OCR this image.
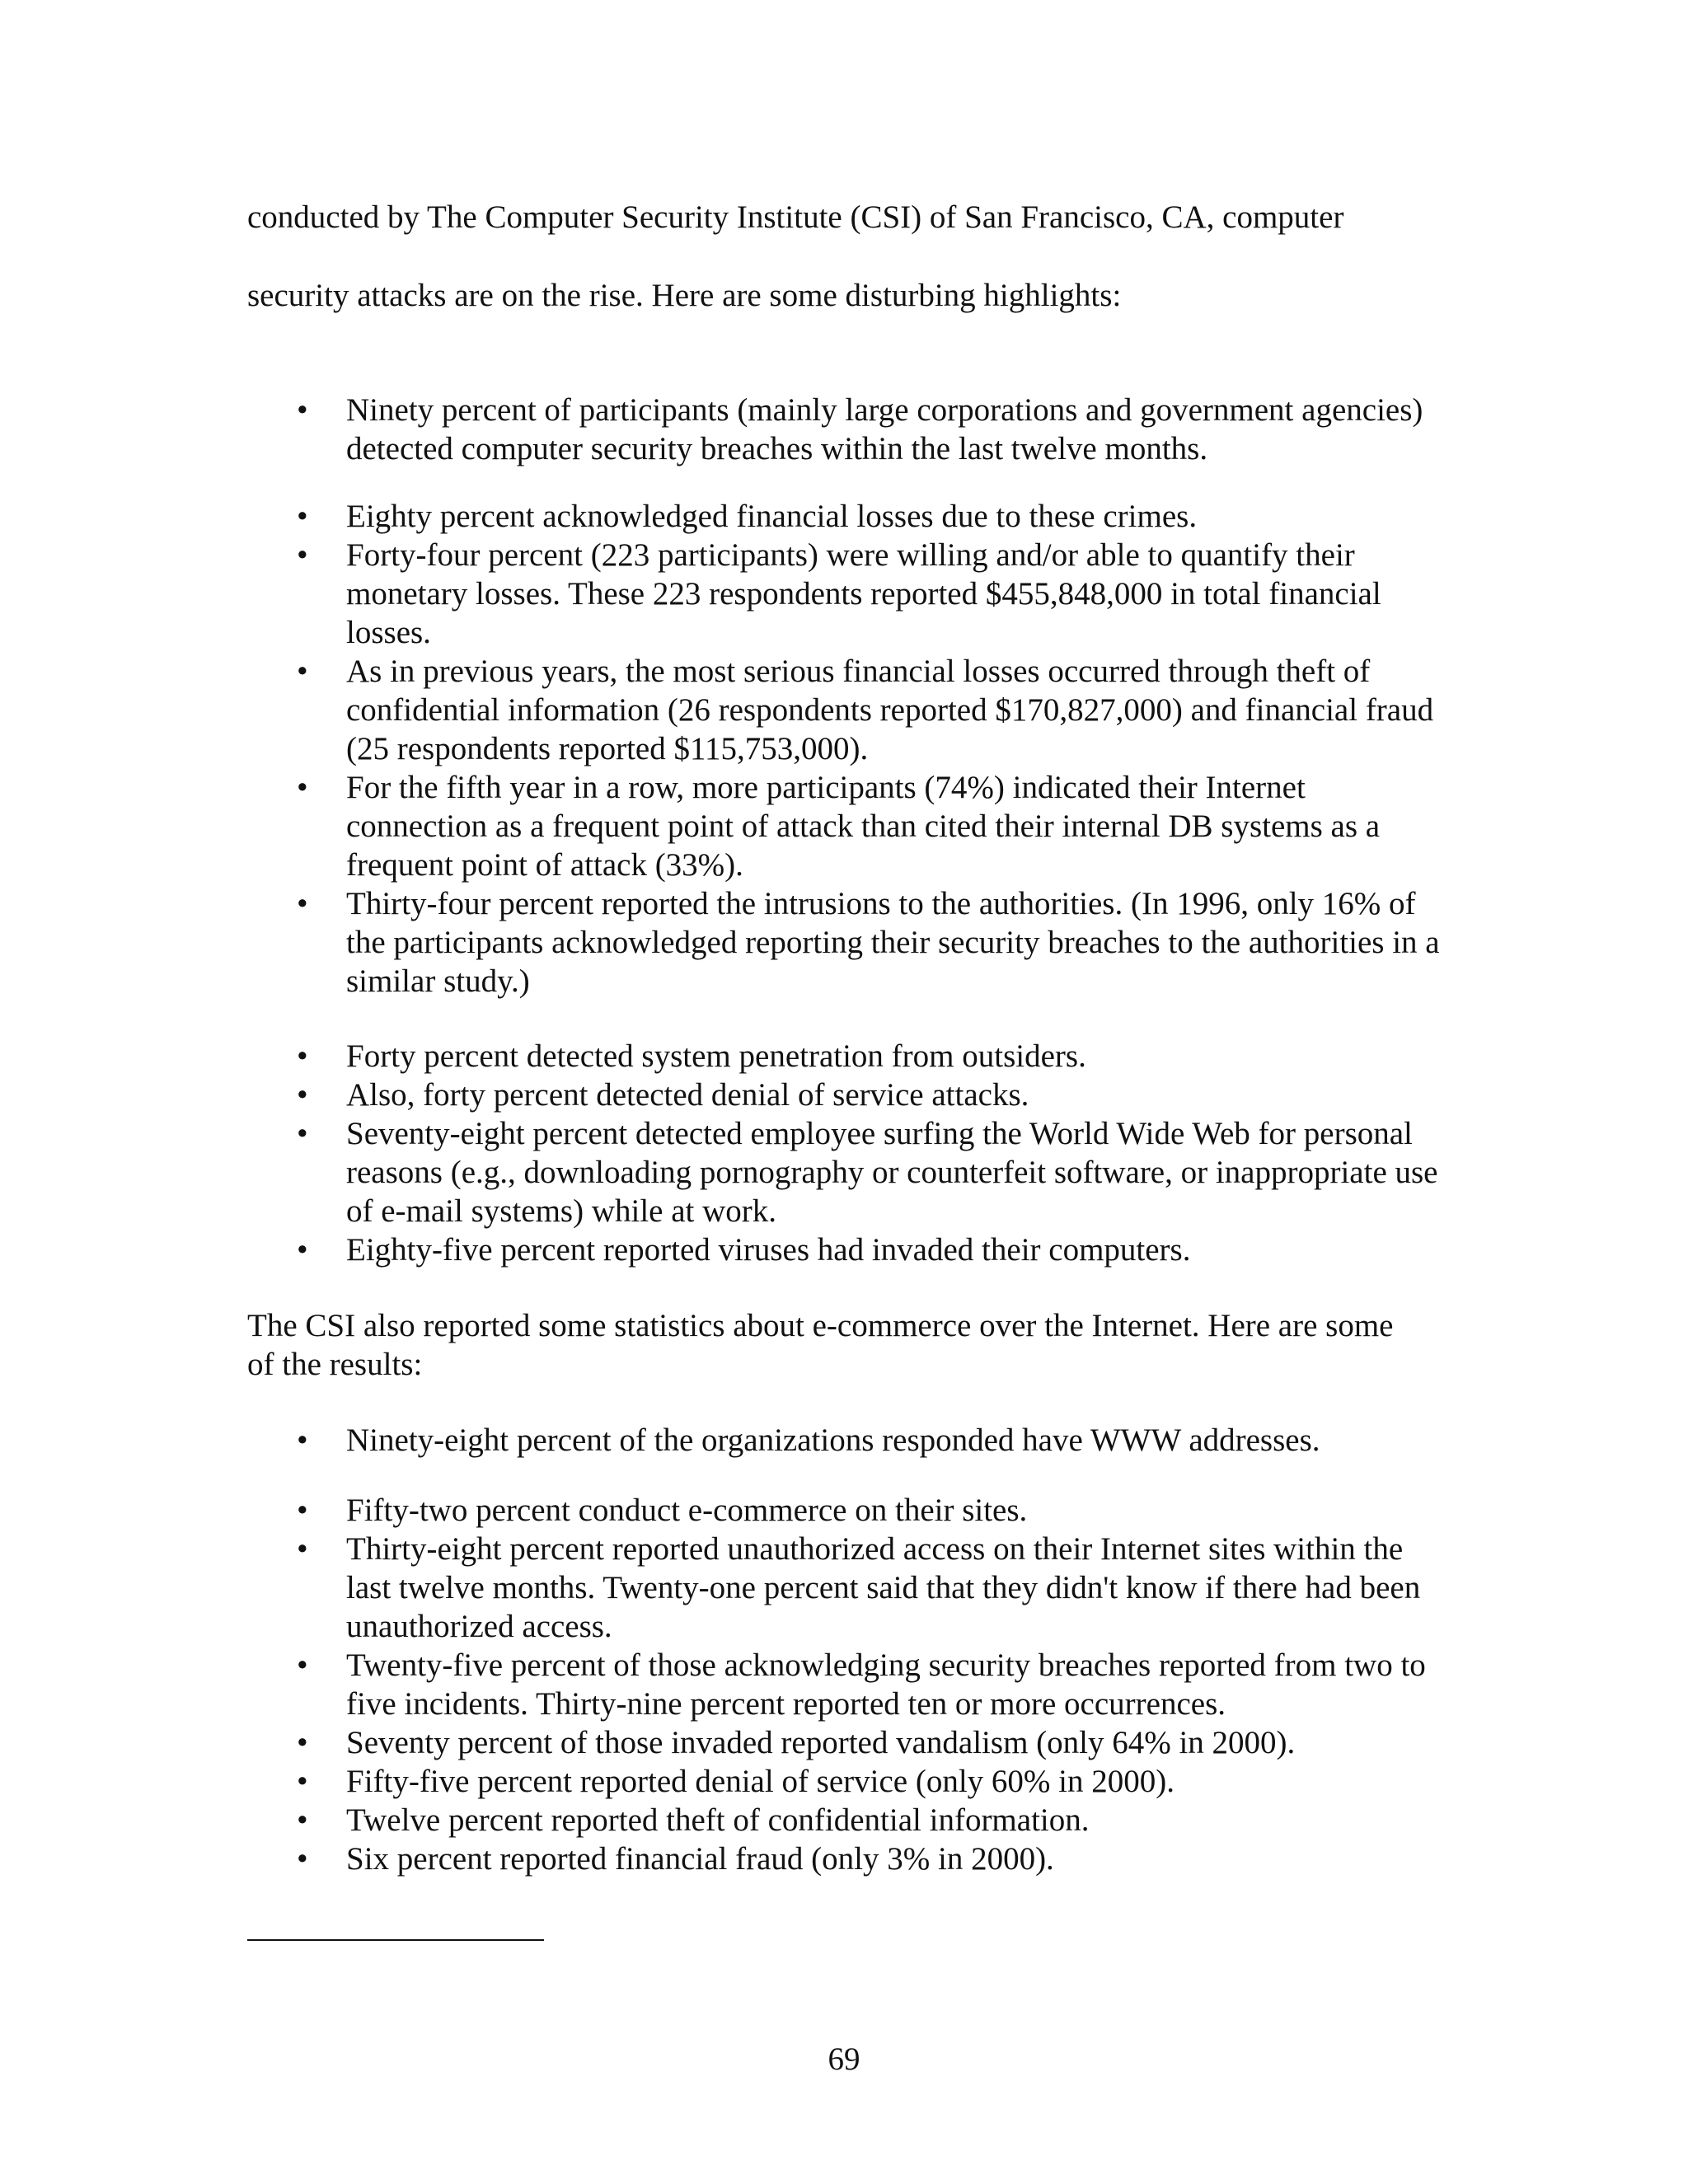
conducted by The Computer Security Institute (CSI) of San Francisco, CA, computer

security attacks are on the rise. Here are some disturbing highlights:

• Ninety percent of participants (mainly large corporations and government agencies) detected computer security breaches within the last twelve months.

• Eighty percent acknowledged financial losses due to these crimes.

• Forty-four percent (223 participants) were willing and/or able to quantify their monetary losses. These 223 respondents reported $455,848,000 in total financial losses.

• As in previous years, the most serious financial losses occurred through theft of confidential information (26 respondents reported $170,827,000) and financial fraud (25 respondents reported $115,753,000).

• For the fifth year in a row, more participants (74%) indicated their Internet connection as a frequent point of attack than cited their internal DB systems as a frequent point of attack (33%).

• Thirty-four percent reported the intrusions to the authorities. (In 1996, only 16% of the participants acknowledged reporting their security breaches to the authorities in a similar study.)

• Forty percent detected system penetration from outsiders.

• Also, forty percent detected denial of service attacks.

• Seventy-eight percent detected employee surfing the World Wide Web for personal reasons (e.g., downloading pornography or counterfeit software, or inappropriate use of e-mail systems) while at work.

• Eighty-five percent reported viruses had invaded their computers.

The CSI also reported some statistics about e-commerce over the Internet. Here are some

of the results:

• Ninety-eight percent of the organizations responded have WWW addresses.

• Fifty-two percent conduct e-commerce on their sites.

• Thirty-eight percent reported unauthorized access on their Internet sites within the last twelve months. Twenty-one percent said that they didn't know if there had been unauthorized access.

• Twenty-five percent of those acknowledging security breaches reported from two to five incidents. Thirty-nine percent reported ten or more occurrences.

• Seventy percent of those invaded reported vandalism (only 64% in 2000).

• Fifty-five percent reported denial of service (only 60% in 2000).

• Twelve percent reported theft of confidential information.

• Six percent reported financial fraud (only 3% in 2000).

69
